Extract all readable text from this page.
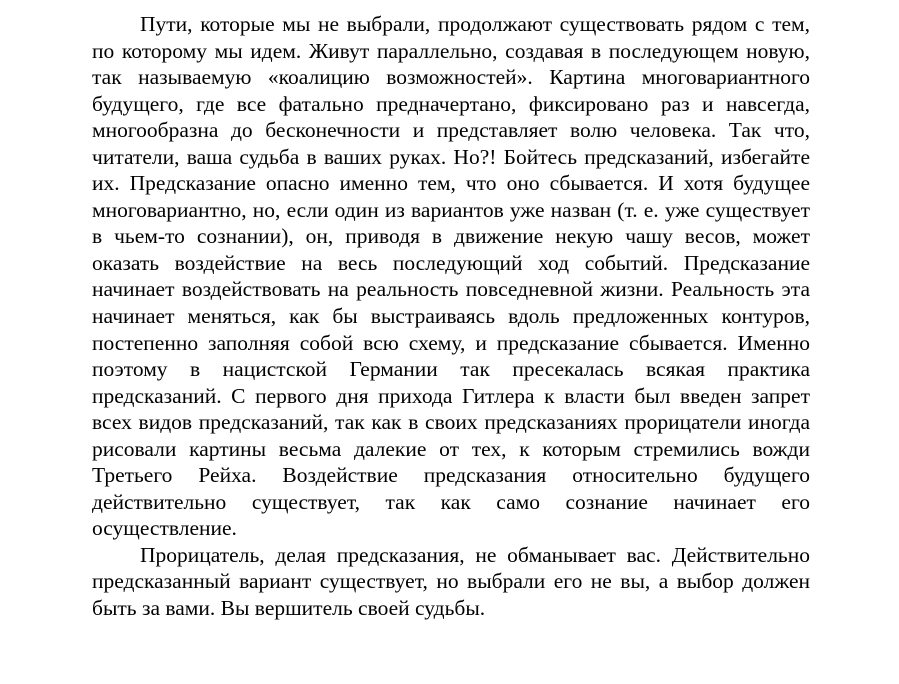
Пути, которые мы не выбрали, продолжают существовать рядом с тем, по которому мы идем. Живут параллельно, создавая в последующем новую, так называемую «коалицию возможностей». Картина многовариантного будущего, где все фатально предначертано, фиксировано раз и навсегда, многообразна до бесконечности и представляет волю человека. Так что, читатели, ваша судьба в ваших руках. Но?! Бойтесь предсказаний, избегайте их. Предсказание опасно именно тем, что оно сбывается. И хотя будущее многовариантно, но, если один из вариантов уже назван (т. е. уже существует в чьем-то сознании), он, приводя в движение некую чашу весов, может оказать воздействие на весь последующий ход событий. Предсказание начинает воздействовать на реальность повседневной жизни. Реальность эта начинает меняться, как бы выстраиваясь вдоль предложенных контуров, постепенно заполняя собой всю схему, и предсказание сбывается. Именно поэтому в нацистской Германии так пресекалась всякая практика предсказаний. С первого дня прихода Гитлера к власти был введен запрет всех видов предсказаний, так как в своих предсказаниях прорицатели иногда рисовали картины весьма далекие от тех, к которым стремились вожди Третьего Рейха. Воздействие предсказания относительно будущего действительно существует, так как само сознание начинает его осуществление.

Прорицатель, делая предсказания, не обманывает вас. Действительно предсказанный вариант существует, но выбрали его не вы, а выбор должен быть за вами. Вы вершитель своей судьбы.
